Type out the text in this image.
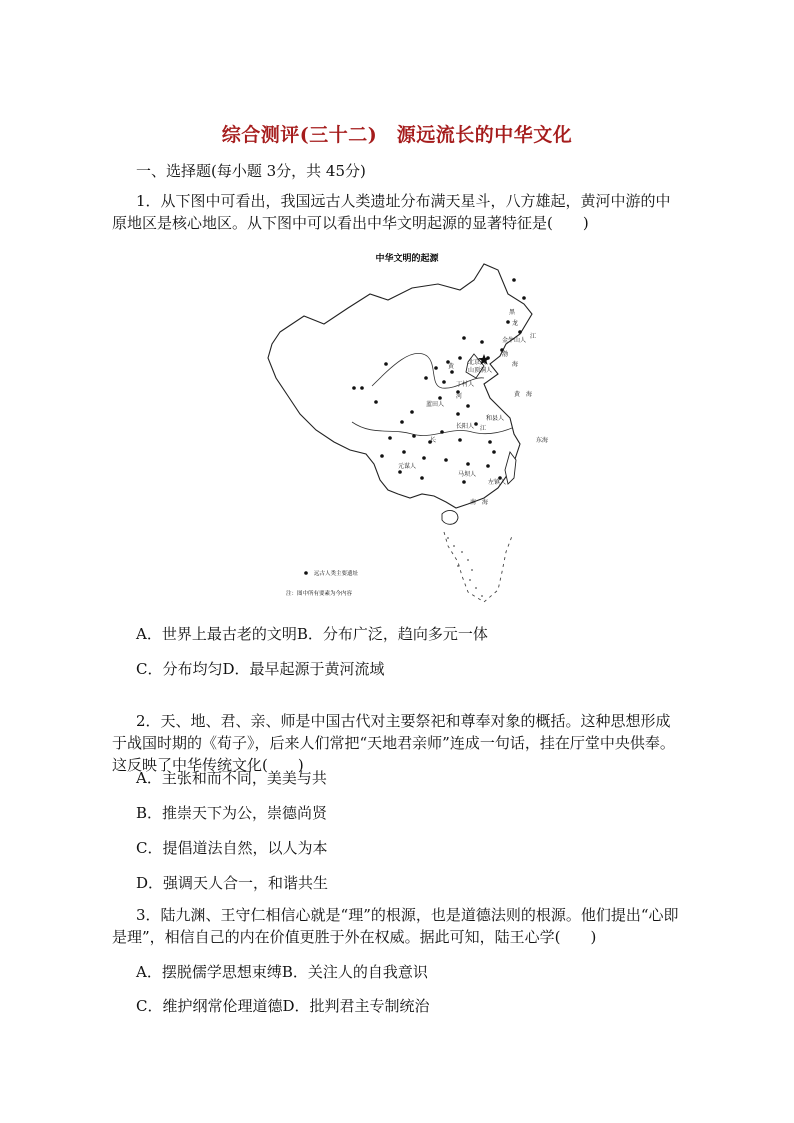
综合测评(三十二)　源远流长的中华文化
一、选择题(每小题 3分，共 45分)

1．从下图中可看出，我国远古人类遗址分布满天星斗，八方雄起，黄河中游的中原地区是核心地区。从下图中可以看出中华文明起源的显著特征是(　　)

中华文明的起源
黑
龙
江
金牛山人
渤
海
北京人
山顶洞人
黄
丁村人
河
蓝田人
黄　海
和县人
长阳人 江
长	东海
元谋人
马坝人
左镇人
南　海
远古人类主要遗址
注：图中所有要素为今内容
A．世界上最古老的文明B．分布广泛，趋向多元一体
C．分布均匀D．最早起源于黄河流域

2．天、地、君、亲、师是中国古代对主要祭祀和尊奉对象的概括。这种思想形成于战国时期的《荀子》，后来人们常把“天地君亲师”连成一句话，挂在厅堂中央供奉。这反映了中华传统文化(　　)

A．主张和而不同，美美与共
B．推崇天下为公，崇德尚贤
C．提倡道法自然，以人为本
D．强调天人合一，和谐共生

3．陆九渊、王守仁相信心就是“理”的根源，也是道德法则的根源。他们提出“心即是理”，相信自己的内在价值更胜于外在权威。据此可知，陆王心学(　　)

A．摆脱儒学思想束缚B．关注人的自我意识
C．维护纲常伦理道德D．批判君主专制统治
